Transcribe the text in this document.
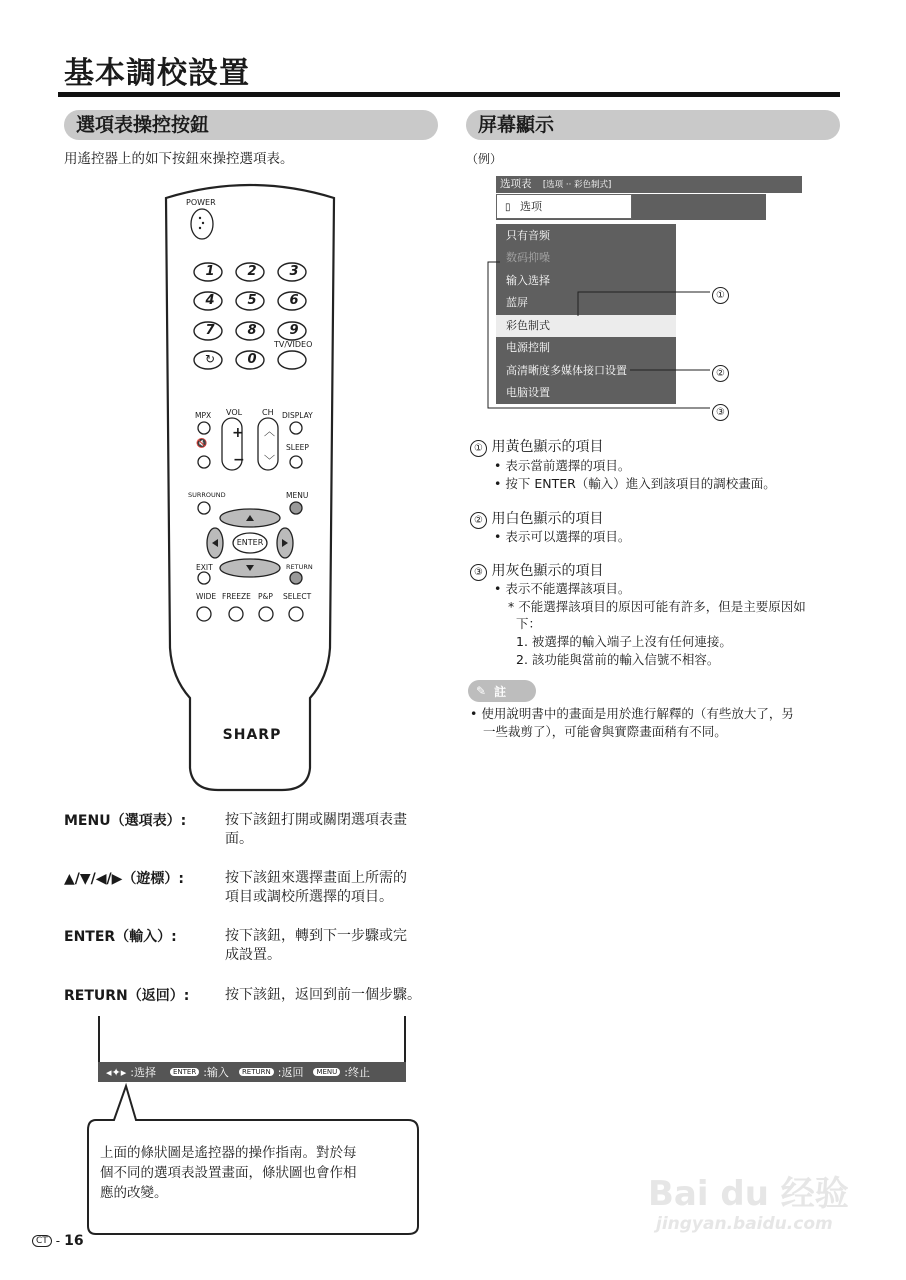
基本調校設置
選項表操控按鈕	屏幕顯示
用遙控器上的如下按鈕來操控選項表。
POWER
1	2	3
4	5	6
7	8	9
0
↻
TV/VIDEO
MPX VOL CH DISPLAY
🔇
+
−
︿
﹀
SLEEP
SURROUND	MENU
ENTER
EXIT	RETURN
WIDE FREEZE P&P SELECT
SHARP
MENU（選項表）:	按下該鈕打開或關閉選項表畫
面。
▲/▼/◀/▶（遊標）:	按下該鈕來選擇畫面上所需的
項目或調校所選擇的項目。
ENTER（輸入）:	按下該鈕，轉到下一步驟或完
成設置。
RETURN（返回）:	按下該鈕，返回到前一個步驟。
◂✦▸ :选择	ENTER :输入	RETURN :返回	MENU :终止
上面的條狀圖是遙控器的操作指南。對於每
個不同的選項表設置畫面，條狀圖也會作相
應的改變。
（例）
选项表 [选项 ·· 彩色制式]
▯ 选项
只有音频
数码抑噪
输入选择
蓝屏
彩色制式
电源控制
高清晰度多媒体接口设置
电脑设置
①
②
③
① 用黃色顯示的項目
• 表示當前選擇的項目。
• 按下 ENTER（輸入）進入到該項目的調校畫面。
② 用白色顯示的項目
• 表示可以選擇的項目。
③ 用灰色顯示的項目
• 表示不能選擇該項目。
* 不能選擇該項目的原因可能有許多，但是主要原因如
下：
1. 被選擇的輸入端子上沒有任何連接。
2. 該功能與當前的輸入信號不相容。
✎ 註
• 使用說明書中的畫面是用於進行解釋的（有些放大了，另
一些裁剪了），可能會與實際畫面稍有不同。
CT - 16
Bai du 经验
jingyan.baidu.com
